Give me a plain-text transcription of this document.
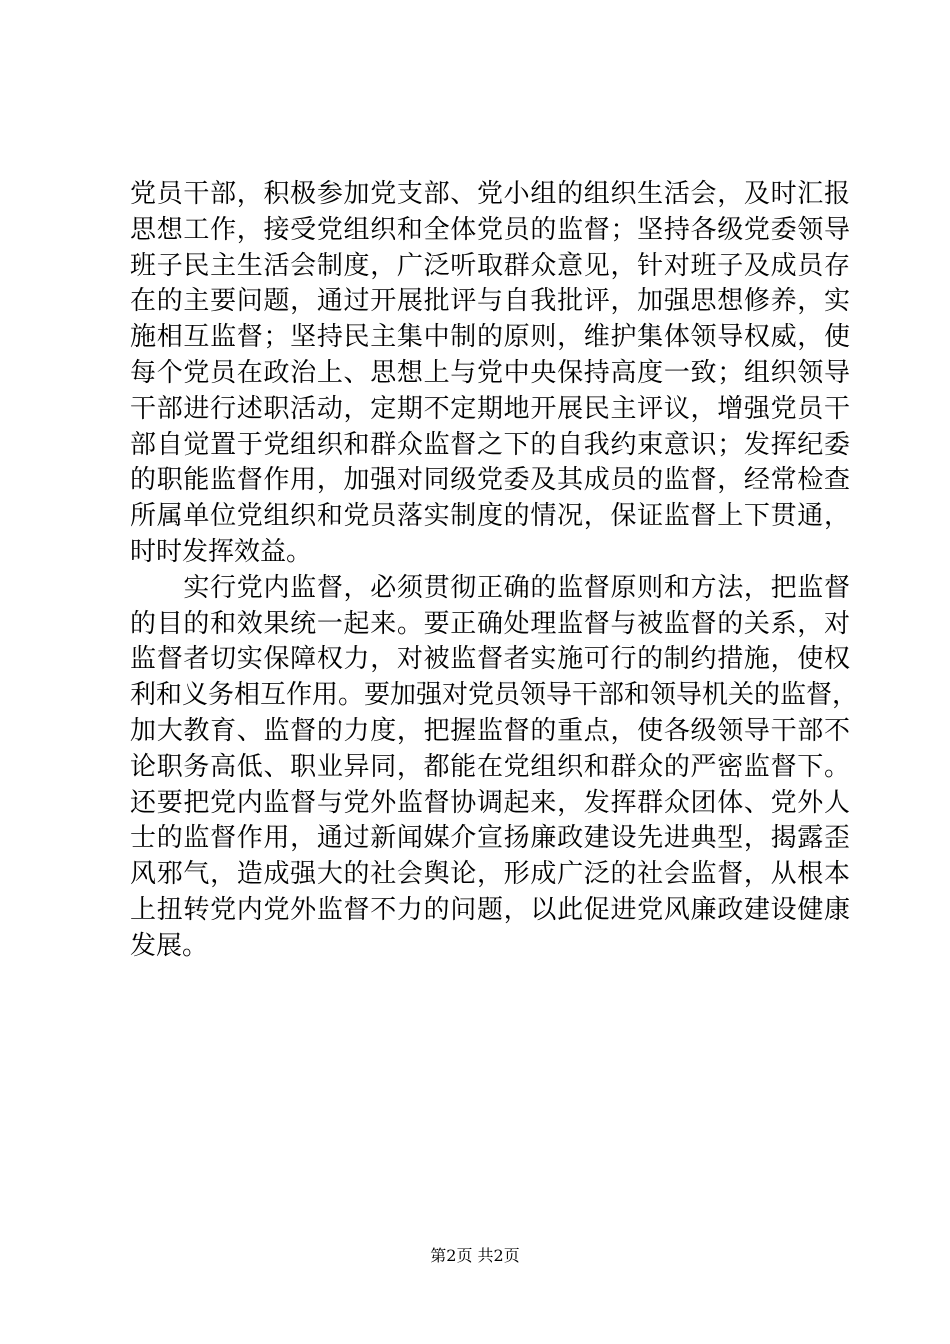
党员干部，积极参加党支部、党小组的组织生活会，及时汇报
思想工作，接受党组织和全体党员的监督；坚持各级党委领导
班子民主生活会制度，广泛听取群众意见，针对班子及成员存
在的主要问题，通过开展批评与自我批评，加强思想修养，实
施相互监督；坚持民主集中制的原则，维护集体领导权威，使
每个党员在政治上、思想上与党中央保持高度一致；组织领导
干部进行述职活动，定期不定期地开展民主评议，增强党员干
部自觉置于党组织和群众监督之下的自我约束意识；发挥纪委
的职能监督作用，加强对同级党委及其成员的监督，经常检查
所属单位党组织和党员落实制度的情况，保证监督上下贯通，
时时发挥效益。
　　实行党内监督，必须贯彻正确的监督原则和方法，把监督
的目的和效果统一起来。要正确处理监督与被监督的关系，对
监督者切实保障权力，对被监督者实施可行的制约措施，使权
利和义务相互作用。要加强对党员领导干部和领导机关的监督，
加大教育、监督的力度，把握监督的重点，使各级领导干部不
论职务高低、职业异同，都能在党组织和群众的严密监督下。
还要把党内监督与党外监督协调起来，发挥群众团体、党外人
士的监督作用，通过新闻媒介宣扬廉政建设先进典型，揭露歪
风邪气，造成强大的社会舆论，形成广泛的社会监督，从根本
上扭转党内党外监督不力的问题，以此促进党风廉政建设健康
发展。
第2页 共2页
